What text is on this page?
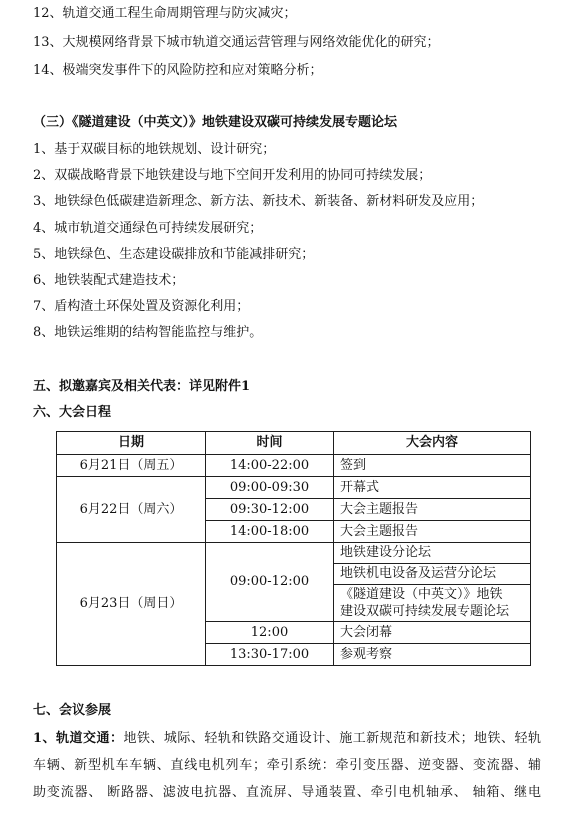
12、轨道交通工程生命周期管理与防灾减灾；
13、大规模网络背景下城市轨道交通运营管理与网络效能优化的研究；
14、极端突发事件下的风险防控和应对策略分析；
（三）《隧道建设（中英文）》地铁建设双碳可持续发展专题论坛
1、基于双碳目标的地铁规划、设计研究；
2、双碳战略背景下地铁建设与地下空间开发利用的协同可持续发展；
3、地铁绿色低碳建造新理念、新方法、新技术、新装备、新材料研发及应用；
4、城市轨道交通绿色可持续发展研究；
5、地铁绿色、生态建设碳排放和节能减排研究；
6、地铁装配式建造技术；
7、盾构渣土环保处置及资源化利用；
8、地铁运维期的结构智能监控与维护。
五、拟邀嘉宾及相关代表：详见附件1
六、大会日程
日期	时间	大会内容
6月21日（周五）	14:00-22:00	签到
6月22日（周六）	09:00-09:30	开幕式
	09:30-12:00	大会主题报告
	14:00-18:00	大会主题报告
6月23日（周日）	09:00-12:00	地铁建设分论坛
		地铁机电设备及运营分论坛

		《隧道建设（中英文）》地铁
建设双碳可持续发展专题论坛

	12:00	大会闭幕
	13:30-17:00	参观考察
七、会议参展
1、轨道交通：地铁、城际、轻轨和铁路交通设计、施工新规范和新技术；地铁、轻轨
车辆、新型机车车辆、直线电机列车；牵引系统：牵引变压器、逆变器、变流器、辅
助变流器、 断路器、滤波电抗器、直流屏、导通装置、牵引电机轴承、 轴箱、继电
